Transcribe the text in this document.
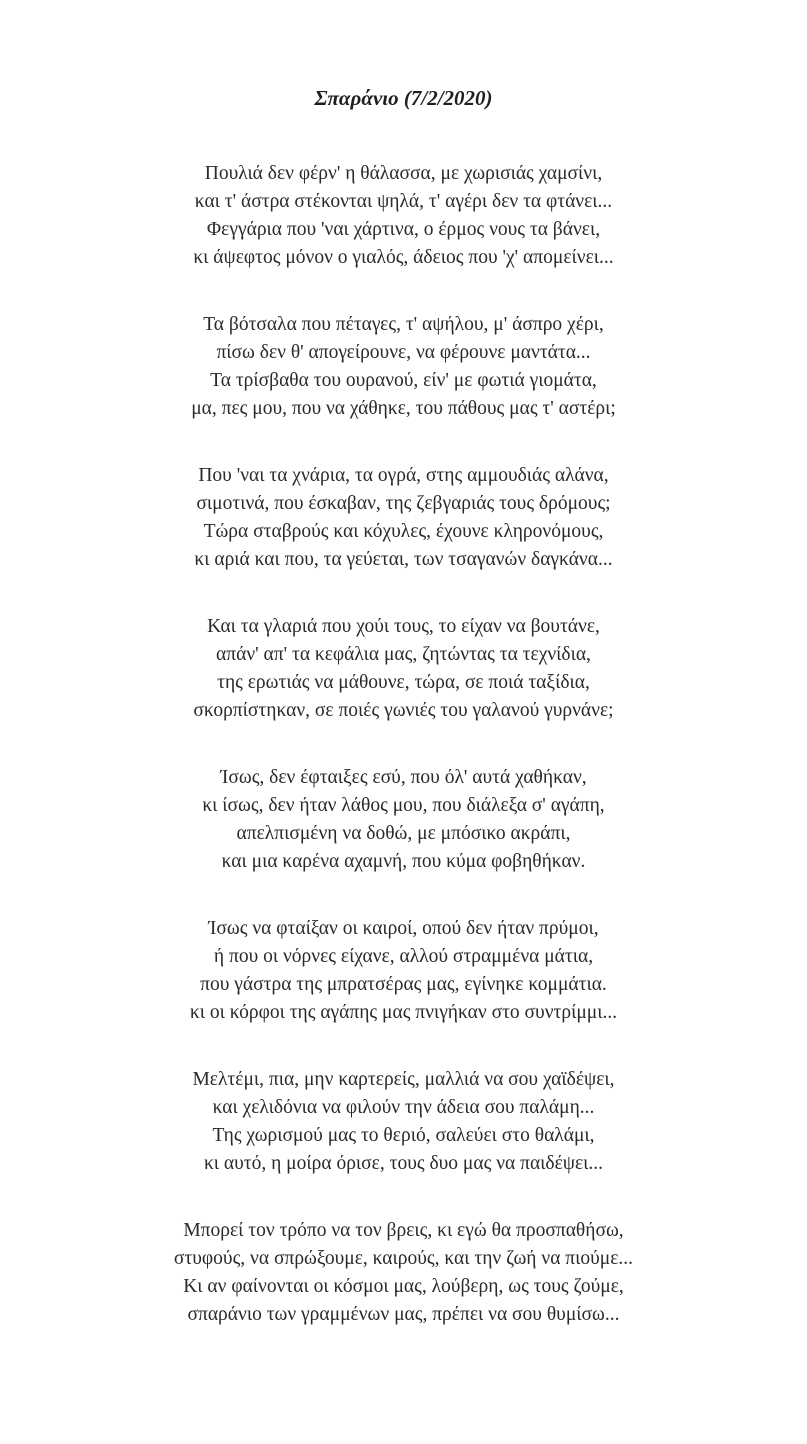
Σπαράνιο (7/2/2020)
Πουλιά δεν φέρν' η θάλασσα, με χωρισιάς χαμσίνι,
και τ' άστρα στέκονται ψηλά, τ' αγέρι δεν τα φτάνει...
Φεγγάρια που 'ναι χάρτινα, ο έρμος νους τα βάνει,
κι άψεφτος μόνον ο γιαλός, άδειος που 'χ' απομείνει...
Τα βότσαλα που πέταγες, τ' αψήλου, μ' άσπρο χέρι,
πίσω δεν θ' απογείρουνε, να φέρουνε μαντάτα...
Τα τρίσβαθα του ουρανού, είν' με φωτιά γιομάτα,
μα, πες μου, που να χάθηκε, του πάθους μας τ' αστέρι;
Που 'ναι τα χνάρια, τα ογρά, στης αμμουδιάς αλάνα,
σιμοτινά, που έσκαβαν, της ζεβγαριάς τους δρόμους;
Τώρα σταβρούς και κόχυλες, έχουνε κληρονόμους,
κι αριά και που, τα γεύεται, των τσαγανών δαγκάνα...
Και τα γλαριά που χούι τους, το είχαν να βουτάνε,
απάν' απ' τα κεφάλια μας, ζητώντας τα τεχνίδια,
της ερωτιάς να μάθουνε, τώρα, σε ποιά ταξίδια,
σκορπίστηκαν, σε ποιές γωνιές του γαλανού γυρνάνε;
Ίσως, δεν έφταιξες εσύ, που όλ' αυτά χαθήκαν,
κι ίσως, δεν ήταν λάθος μου, που διάλεξα σ' αγάπη,
απελπισμένη να δοθώ, με μπόσικο ακράπι,
και μια καρένα αχαμνή, που κύμα φοβηθήκαν.
Ίσως να φταίξαν οι καιροί, οπού δεν ήταν πρύμοι,
ή που οι νόρνες είχανε, αλλού στραμμένα μάτια,
που γάστρα της μπρατσέρας μας, εγίνηκε κομμάτια.
κι οι κόρφοι της αγάπης μας πνιγήκαν στο συντρίμμι...
Μελτέμι, πια, μην καρτερείς, μαλλιά να σου χαϊδέψει,
και χελιδόνια να φιλούν την άδεια σου παλάμη...
Της χωρισμού μας το θεριό, σαλεύει στο θαλάμι,
κι αυτό, η μοίρα όρισε, τους δυο μας να παιδέψει...
Μπορεί τον τρόπο να τον βρεις, κι εγώ θα προσπαθήσω,
στυφούς, να σπρώξουμε, καιρούς, και την ζωή να πιούμε...
Κι αν φαίνονται οι κόσμοι μας, λούβερη, ως τους ζούμε,
σπαράνιο των γραμμένων μας, πρέπει να σου θυμίσω...
